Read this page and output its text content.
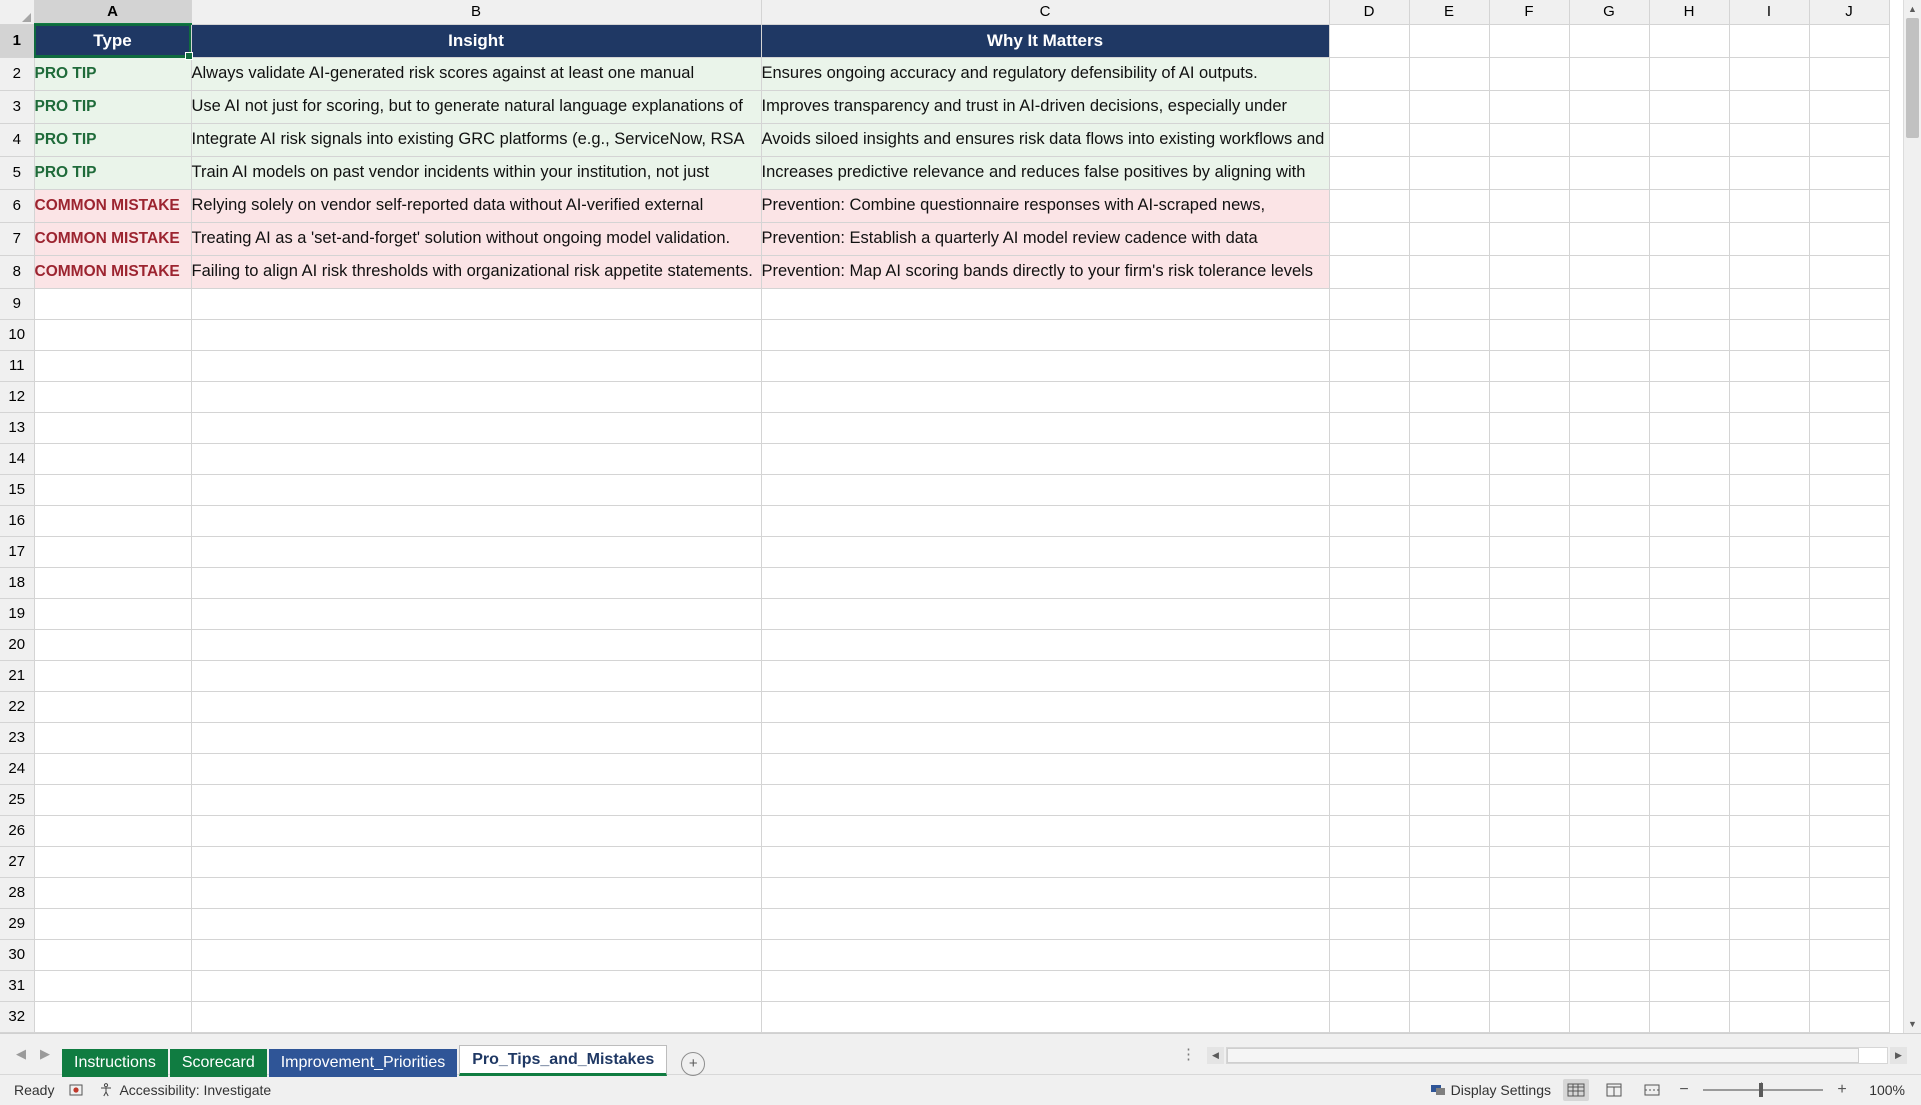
	A	B	C	D	E	F	G	H	I	J
1	Type	Insight	Why It Matters							
2	PRO TIP	Always validate AI-generated risk scores against at least one manual	Ensures ongoing accuracy and regulatory defensibility of AI outputs.							
3	PRO TIP	Use AI not just for scoring, but to generate natural language explanations of	Improves transparency and trust in AI-driven decisions, especially under							
4	PRO TIP	Integrate AI risk signals into existing GRC platforms (e.g., ServiceNow, RSA	Avoids siloed insights and ensures risk data flows into existing workflows and							
5	PRO TIP	Train AI models on past vendor incidents within your institution, not just	Increases predictive relevance and reduces false positives by aligning with							
6	COMMON MISTAKE	Relying solely on vendor self-reported data without AI-verified external	Prevention: Combine questionnaire responses with AI-scraped news,							
7	COMMON MISTAKE	Treating AI as a 'set-and-forget' solution without ongoing model validation.	Prevention: Establish a quarterly AI model review cadence with data							
8	COMMON MISTAKE	Failing to align AI risk thresholds with organizational risk appetite statements.	Prevention: Map AI scoring bands directly to your firm's risk tolerance levels							
9										
10										
11										
12										
13										
14										
15										
16										
17										
18										
19										
20										
21										
22										
23										
24										
25										
26										
27										
28										
29										
30										
31										
32										
▲
▼
◀ ▶
Instructions	Scorecard	Improvement_Priorities	Pro_Tips_and_Mistakes	+
⋮	◀	▶
Ready	Accessibility: Investigate	Display Settings	−	+	100%
